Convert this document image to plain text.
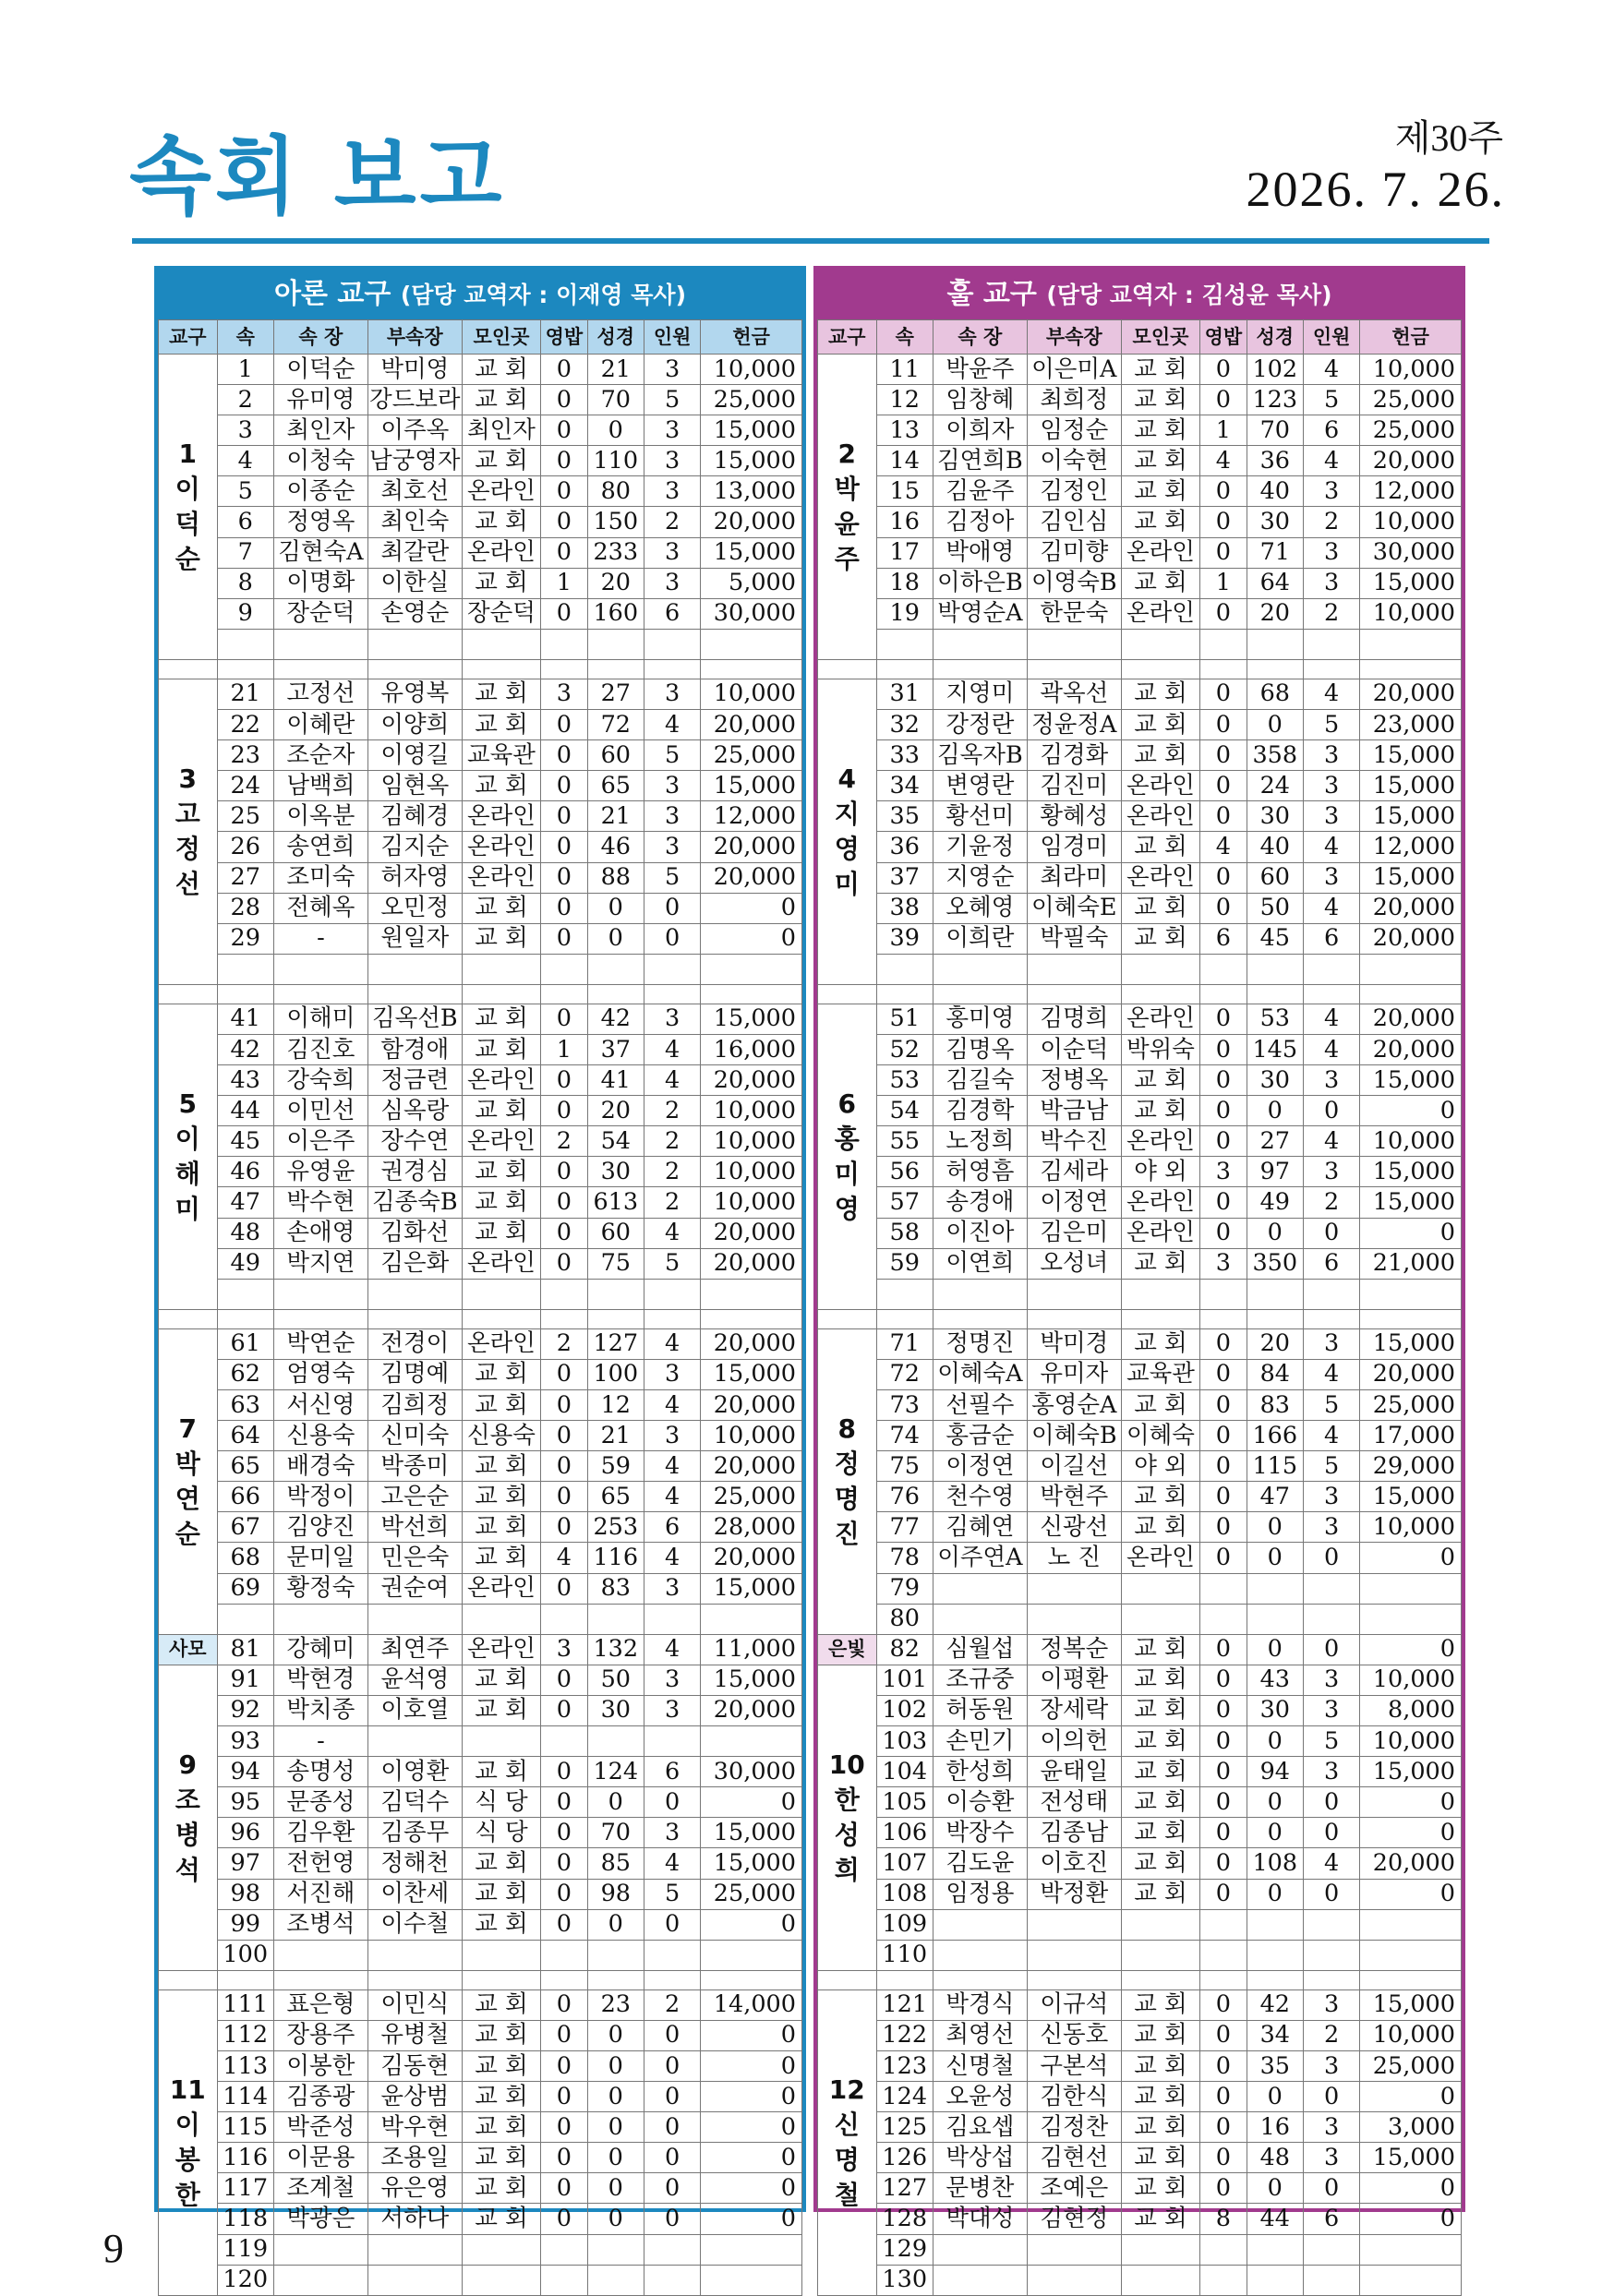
속회 보고	제30주
2026. 7. 26.
아론 교구 (담당 교역자 : 이재영 목사)
교구	속	속 장	부속장	모인곳	영밥	성경	인원	헌금

1
이
덕
순	1	이덕순	박미영	교 회	0	21	3	10,000
	2	유미영	강드보라	교 회	0	70	5	25,000
	3	최인자	이주옥	최인자	0	0	3	15,000
	4	이청숙	남궁영자	교 회	0	110	3	15,000
	5	이종순	최호선	온라인	0	80	3	13,000
	6	정영옥	최인숙	교 회	0	150	2	20,000
	7	김현숙A	최갈란	온라인	0	233	3	15,000
	8	이명화	이한실	교 회	1	20	3	5,000
	9	장순덕	손영순	장순덕	0	160	6	30,000

3
고
정
선	21	고정선	유영복	교 회	3	27	3	10,000
	22	이혜란	이양희	교 회	0	72	4	20,000
	23	조순자	이영길	교육관	0	60	5	25,000
	24	남백희	임현옥	교 회	0	65	3	15,000
	25	이옥분	김혜경	온라인	0	21	3	12,000
	26	송연희	김지순	온라인	0	46	3	20,000
	27	조미숙	허자영	온라인	0	88	5	20,000
	28	전혜옥	오민정	교 회	0	0	0	0
	29	-	원일자	교 회	0	0	0	0

5
이
해
미	41	이해미	김옥선B	교 회	0	42	3	15,000
	42	김진호	함경애	교 회	1	37	4	16,000
	43	강숙희	정금련	온라인	0	41	4	20,000
	44	이민선	심옥랑	교 회	0	20	2	10,000
	45	이은주	장수연	온라인	2	54	2	10,000
	46	유영윤	권경심	교 회	0	30	2	10,000
	47	박수현	김종숙B	교 회	0	613	2	10,000
	48	손애영	김화선	교 회	0	60	4	20,000
	49	박지연	김은화	온라인	0	75	5	20,000

7
박
연
순	61	박연순	전경이	온라인	2	127	4	20,000
	62	엄영숙	김명예	교 회	0	100	3	15,000
	63	서신영	김희정	교 회	0	12	4	20,000
	64	신용숙	신미숙	신용숙	0	21	3	10,000
	65	배경숙	박종미	교 회	0	59	4	20,000
	66	박정이	고은순	교 회	0	65	4	25,000
	67	김양진	박선희	교 회	0	253	6	28,000
	68	문미일	민은숙	교 회	4	116	4	20,000
	69	황정숙	권순여	온라인	0	83	3	15,000

사모	81	강혜미	최연주	온라인	3	132	4	11,000

9
조
병
석	91	박현경	윤석영	교 회	0	50	3	15,000
	92	박치종	이호열	교 회	0	30	3	20,000
	93	-						
	94	송명성	이영환	교 회	0	124	6	30,000
	95	문종성	김덕수	식 당	0	0	0	0
	96	김우환	김종무	식 당	0	70	3	15,000
	97	전헌영	정해천	교 회	0	85	4	15,000
	98	서진해	이찬세	교 회	0	98	5	25,000
	99	조병석	이수철	교 회	0	0	0	0
	100							

11
이
봉
한	111	표은형	이민식	교 회	0	23	2	14,000
	112	장용주	유병철	교 회	0	0	0	0
	113	이봉한	김동현	교 회	0	0	0	0
	114	김종광	윤상범	교 회	0	0	0	0
	115	박준성	박우현	교 회	0	0	0	0
	116	이문용	조용일	교 회	0	0	0	0
	117	조계철	유은영	교 회	0	0	0	0
	118	박광은	서하나	교 회	0	0	0	0
	119							
	120							
훌 교구 (담당 교역자 : 김성윤 목사)
교구	속	속 장	부속장	모인곳	영밥	성경	인원	헌금

2
박
윤
주	11	박윤주	이은미A	교 회	0	102	4	10,000
	12	임창혜	최희정	교 회	0	123	5	25,000
	13	이희자	임정순	교 회	1	70	6	25,000
	14	김연희B	이숙현	교 회	4	36	4	20,000
	15	김윤주	김정인	교 회	0	40	3	12,000
	16	김정아	김인심	교 회	0	30	2	10,000
	17	박애영	김미향	온라인	0	71	3	30,000
	18	이하은B	이영숙B	교 회	1	64	3	15,000
	19	박영순A	한문숙	온라인	0	20	2	10,000

4
지
영
미	31	지영미	곽옥선	교 회	0	68	4	20,000
	32	강정란	정윤정A	교 회	0	0	5	23,000
	33	김옥자B	김경화	교 회	0	358	3	15,000
	34	변영란	김진미	온라인	0	24	3	15,000
	35	황선미	황혜성	온라인	0	30	3	15,000
	36	기윤정	임경미	교 회	4	40	4	12,000
	37	지영순	최라미	온라인	0	60	3	15,000
	38	오혜영	이혜숙E	교 회	0	50	4	20,000
	39	이희란	박필숙	교 회	6	45	6	20,000

6
홍
미
영	51	홍미영	김명희	온라인	0	53	4	20,000
	52	김명옥	이순덕	박위숙	0	145	4	20,000
	53	김길숙	정병옥	교 회	0	30	3	15,000
	54	김경학	박금남	교 회	0	0	0	0
	55	노정희	박수진	온라인	0	27	4	10,000
	56	허영흠	김세라	야 외	3	97	3	15,000
	57	송경애	이정연	온라인	0	49	2	15,000
	58	이진아	김은미	온라인	0	0	0	0
	59	이연희	오성녀	교 회	3	350	6	21,000

8
정
명
진	71	정명진	박미경	교 회	0	20	3	15,000
	72	이혜숙A	유미자	교육관	0	84	4	20,000
	73	선필수	홍영순A	교 회	0	83	5	25,000
	74	홍금순	이혜숙B	이혜숙	0	166	4	17,000
	75	이정연	이길선	야 외	0	115	5	29,000
	76	천수영	박현주	교 회	0	47	3	15,000
	77	김혜연	신광선	교 회	0	0	3	10,000
	78	이주연A	노 진	온라인	0	0	0	0
	79							
	80							
은빛	82	심월섭	정복순	교 회	0	0	0	0

10
한
성
희	101	조규중	이평환	교 회	0	43	3	10,000
	102	허동원	장세락	교 회	0	30	3	8,000
	103	손민기	이의헌	교 회	0	0	5	10,000
	104	한성희	윤태일	교 회	0	94	3	15,000
	105	이승환	전성태	교 회	0	0	0	0
	106	박장수	김종남	교 회	0	0	0	0
	107	김도윤	이호진	교 회	0	108	4	20,000
	108	임정용	박정환	교 회	0	0	0	0
	109							
	110							

12
신
명
철	121	박경식	이규석	교 회	0	42	3	15,000
	122	최영선	신동호	교 회	0	34	2	10,000
	123	신명철	구본석	교 회	0	35	3	25,000
	124	오윤성	김한식	교 회	0	0	0	0
	125	김요셉	김정찬	교 회	0	16	3	3,000
	126	박상섭	김현선	교 회	0	48	3	15,000
	127	문병찬	조예은	교 회	0	0	0	0
	128	박대성	김현정	교 회	8	44	6	0
	129							
	130							
9
